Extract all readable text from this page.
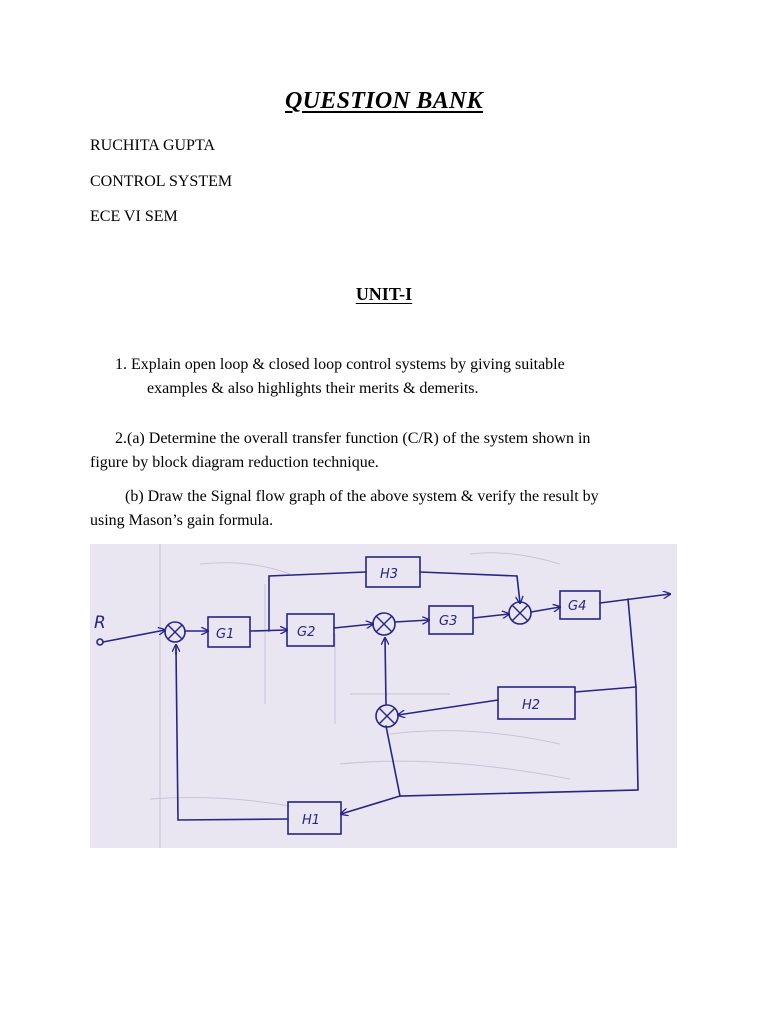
QUESTION BANK
RUCHITA GUPTA
CONTROL SYSTEM
ECE VI SEM
UNIT-I
1. Explain open loop & closed loop control systems by giving suitable
examples & also highlights their merits & demerits.
2.(a) Determine the overall transfer function (C/R) of the system shown in
figure by block diagram reduction technique.
(b) Draw the Signal flow graph of the above system & verify the result by
using Mason’s gain formula.
R
G1	G2
G3
G4
H3
H2
H1
